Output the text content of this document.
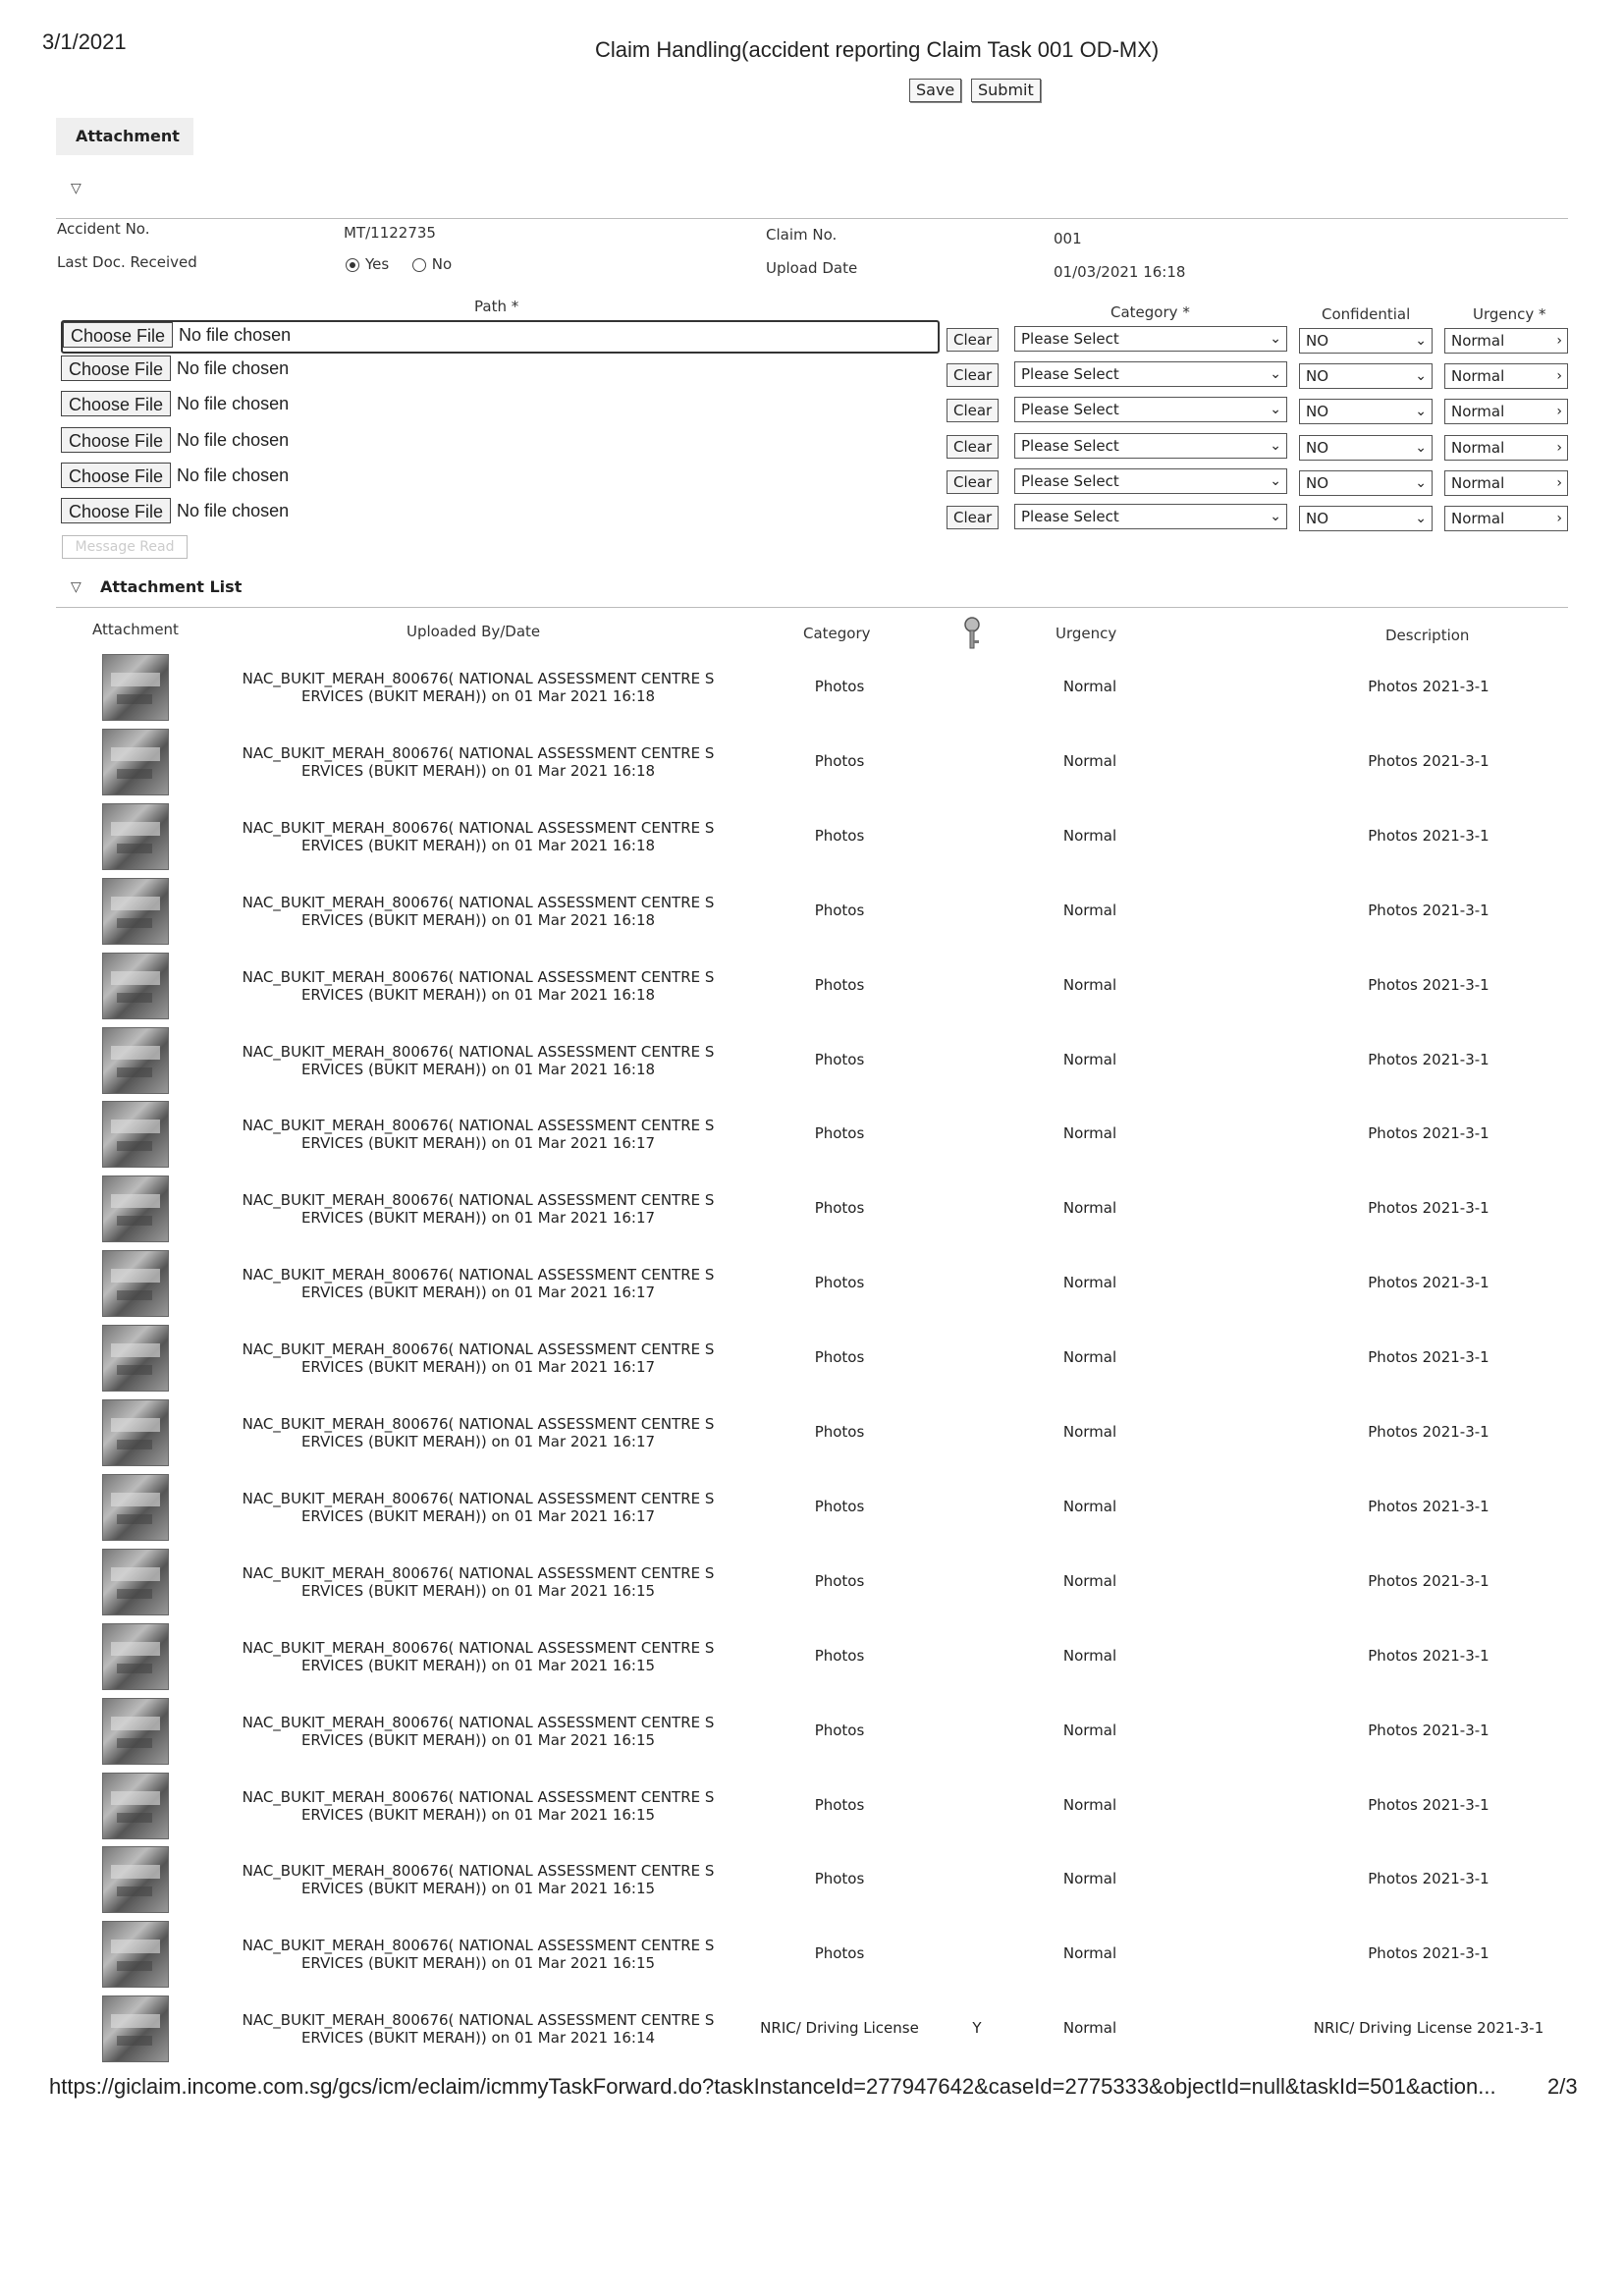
3/1/2021	Claim Handling(accident reporting Claim Task 001 OD-MX)
Save	Submit
Attachment
▽
Accident No.	MT/1122735
Last Doc. Received	Yes	No
Claim No.	001
Upload Date	01/03/2021 16:18
Path *	Category *	Confidential	Urgency *
Choose File No file chosen	Clear	Please Select	⌄	NO	⌄	Normal	›
Choose File No file chosen	Clear	Please Select	⌄	NO	⌄	Normal	›
Choose File No file chosen	Clear	Please Select	⌄	NO	⌄	Normal	›
Choose File No file chosen	Clear	Please Select	⌄	NO	⌄	Normal	›
Choose File No file chosen	Clear	Please Select	⌄	NO	⌄	Normal	›
Choose File No file chosen	Clear	Please Select	⌄	NO	⌄	Normal	›
Message Read
▽ Attachment List
Attachment	Uploaded By/Date	Category	Urgency	Description
NAC_BUKIT_MERAH_800676( NATIONAL ASSESSMENT CENTRE S
ERVICES (BUKIT MERAH)) on 01 Mar 2021 16:18
Photos	Normal	Photos 2021-3-1
NAC_BUKIT_MERAH_800676( NATIONAL ASSESSMENT CENTRE S
ERVICES (BUKIT MERAH)) on 01 Mar 2021 16:18
Photos	Normal	Photos 2021-3-1
NAC_BUKIT_MERAH_800676( NATIONAL ASSESSMENT CENTRE S
ERVICES (BUKIT MERAH)) on 01 Mar 2021 16:18
Photos	Normal	Photos 2021-3-1
NAC_BUKIT_MERAH_800676( NATIONAL ASSESSMENT CENTRE S
ERVICES (BUKIT MERAH)) on 01 Mar 2021 16:18
Photos	Normal	Photos 2021-3-1
NAC_BUKIT_MERAH_800676( NATIONAL ASSESSMENT CENTRE S
ERVICES (BUKIT MERAH)) on 01 Mar 2021 16:18
Photos	Normal	Photos 2021-3-1
NAC_BUKIT_MERAH_800676( NATIONAL ASSESSMENT CENTRE S
ERVICES (BUKIT MERAH)) on 01 Mar 2021 16:18
Photos	Normal	Photos 2021-3-1
NAC_BUKIT_MERAH_800676( NATIONAL ASSESSMENT CENTRE S
ERVICES (BUKIT MERAH)) on 01 Mar 2021 16:17
Photos	Normal	Photos 2021-3-1
NAC_BUKIT_MERAH_800676( NATIONAL ASSESSMENT CENTRE S
ERVICES (BUKIT MERAH)) on 01 Mar 2021 16:17
Photos	Normal	Photos 2021-3-1
NAC_BUKIT_MERAH_800676( NATIONAL ASSESSMENT CENTRE S
ERVICES (BUKIT MERAH)) on 01 Mar 2021 16:17
Photos	Normal	Photos 2021-3-1
NAC_BUKIT_MERAH_800676( NATIONAL ASSESSMENT CENTRE S
ERVICES (BUKIT MERAH)) on 01 Mar 2021 16:17
Photos	Normal	Photos 2021-3-1
NAC_BUKIT_MERAH_800676( NATIONAL ASSESSMENT CENTRE S
ERVICES (BUKIT MERAH)) on 01 Mar 2021 16:17
Photos	Normal	Photos 2021-3-1
NAC_BUKIT_MERAH_800676( NATIONAL ASSESSMENT CENTRE S
ERVICES (BUKIT MERAH)) on 01 Mar 2021 16:17
Photos	Normal	Photos 2021-3-1
NAC_BUKIT_MERAH_800676( NATIONAL ASSESSMENT CENTRE S
ERVICES (BUKIT MERAH)) on 01 Mar 2021 16:15
Photos	Normal	Photos 2021-3-1
NAC_BUKIT_MERAH_800676( NATIONAL ASSESSMENT CENTRE S
ERVICES (BUKIT MERAH)) on 01 Mar 2021 16:15
Photos	Normal	Photos 2021-3-1
NAC_BUKIT_MERAH_800676( NATIONAL ASSESSMENT CENTRE S
ERVICES (BUKIT MERAH)) on 01 Mar 2021 16:15
Photos	Normal	Photos 2021-3-1
NAC_BUKIT_MERAH_800676( NATIONAL ASSESSMENT CENTRE S
ERVICES (BUKIT MERAH)) on 01 Mar 2021 16:15
Photos	Normal	Photos 2021-3-1
NAC_BUKIT_MERAH_800676( NATIONAL ASSESSMENT CENTRE S
ERVICES (BUKIT MERAH)) on 01 Mar 2021 16:15
Photos	Normal	Photos 2021-3-1
NAC_BUKIT_MERAH_800676( NATIONAL ASSESSMENT CENTRE S
ERVICES (BUKIT MERAH)) on 01 Mar 2021 16:15
Photos	Normal	Photos 2021-3-1
NAC_BUKIT_MERAH_800676( NATIONAL ASSESSMENT CENTRE S
ERVICES (BUKIT MERAH)) on 01 Mar 2021 16:14
NRIC/ Driving License	Y	Normal	NRIC/ Driving License 2021-3-1
https://giclaim.income.com.sg/gcs/icm/eclaim/icmmyTaskForward.do?taskInstanceId=277947642&caseId=2775333&objectId=null&taskId=501&action... 2/3
